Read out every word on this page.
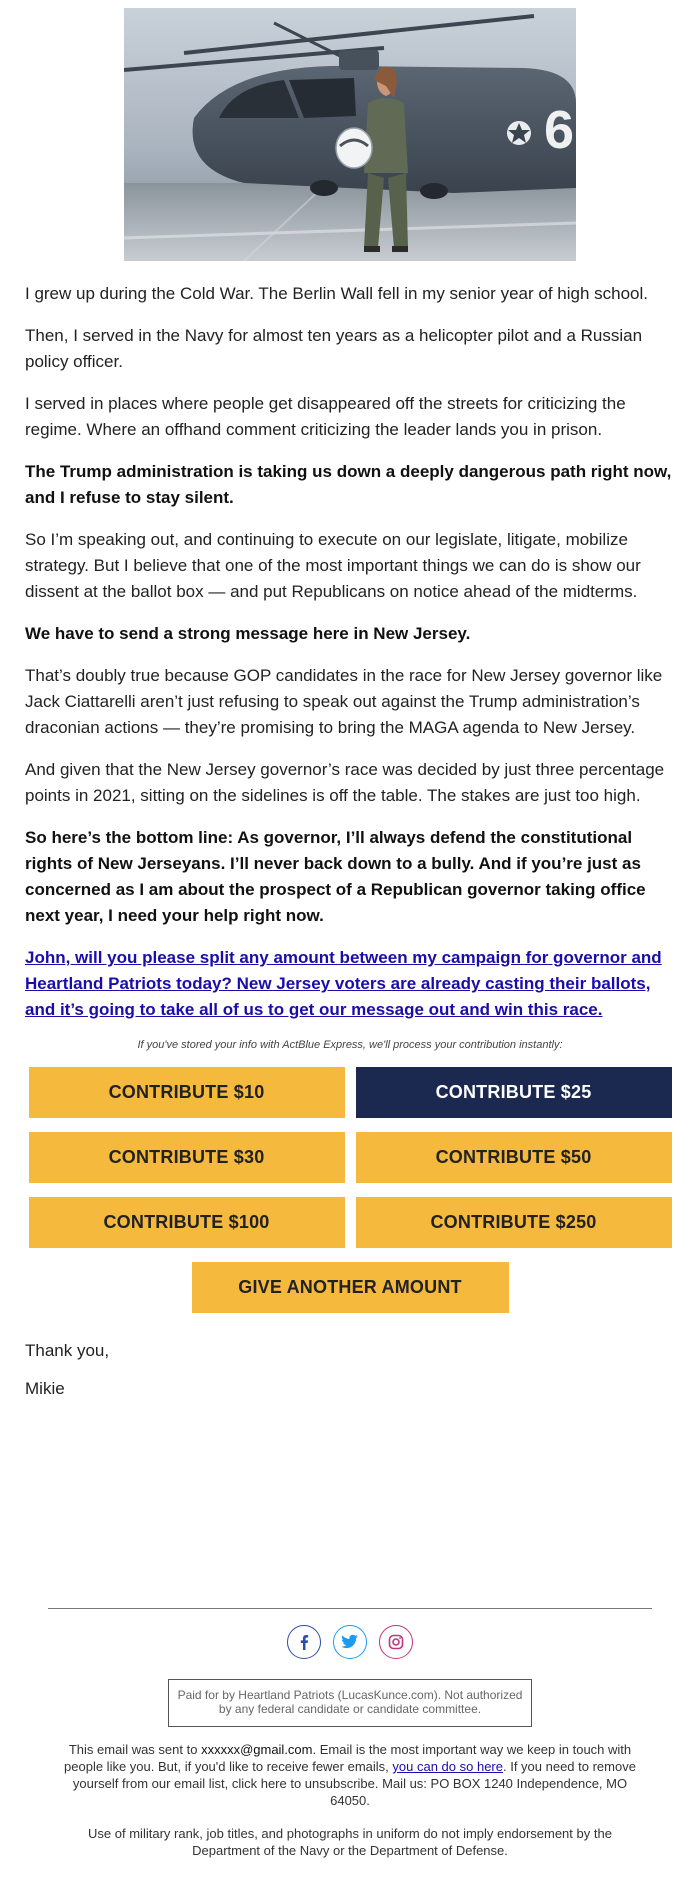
6

I grew up during the Cold War. The Berlin Wall fell in my senior year of high school.

Then, I served in the Navy for almost ten years as a helicopter pilot and a Russian policy officer.

I served in places where people get disappeared off the streets for criticizing the regime. Where an offhand comment criticizing the leader lands you in prison.

The Trump administration is taking us down a deeply dangerous path right now, and I refuse to stay silent.

So I’m speaking out, and continuing to execute on our legislate, litigate, mobilize strategy. But I believe that one of the most important things we can do is show our dissent at the ballot box — and put Republicans on notice ahead of the midterms.

We have to send a strong message here in New Jersey.

That’s doubly true because GOP candidates in the race for New Jersey governor like Jack Ciattarelli aren’t just refusing to speak out against the Trump administration’s draconian actions — they’re promising to bring the MAGA agenda to New Jersey.

And given that the New Jersey governor’s race was decided by just three percentage points in 2021, sitting on the sidelines is off the table. The stakes are just too high.

So here’s the bottom line: As governor, I’ll always defend the constitutional rights of New Jerseyans. I’ll never back down to a bully. And if you’re just as concerned as I am about the prospect of a Republican governor taking office next year, I need your help right now.

John, will you please split any amount between my campaign for governor and Heartland Patriots today? New Jersey voters are already casting their ballots, and it’s going to take all of us to get our message out and win this race.

If you've stored your info with ActBlue Express, we'll process your contribution instantly:
CONTRIBUTE $10	CONTRIBUTE $25
CONTRIBUTE $30	CONTRIBUTE $50
CONTRIBUTE $100	CONTRIBUTE $250
GIVE ANOTHER AMOUNT

Thank you,

Mikie

Paid for by Heartland Patriots (LucasKunce.com). Not authorized by any federal candidate or candidate committee.
This email was sent to xxxxxx@gmail.com. Email is the most important way we keep in touch with people like you. But, if you'd like to receive fewer emails, you can do so here. If you need to remove yourself from our email list, click here to unsubscribe. Mail us: PO BOX 1240 Independence, MO 64050.
Use of military rank, job titles, and photographs in uniform do not imply endorsement by the Department of the Navy or the Department of Defense.
